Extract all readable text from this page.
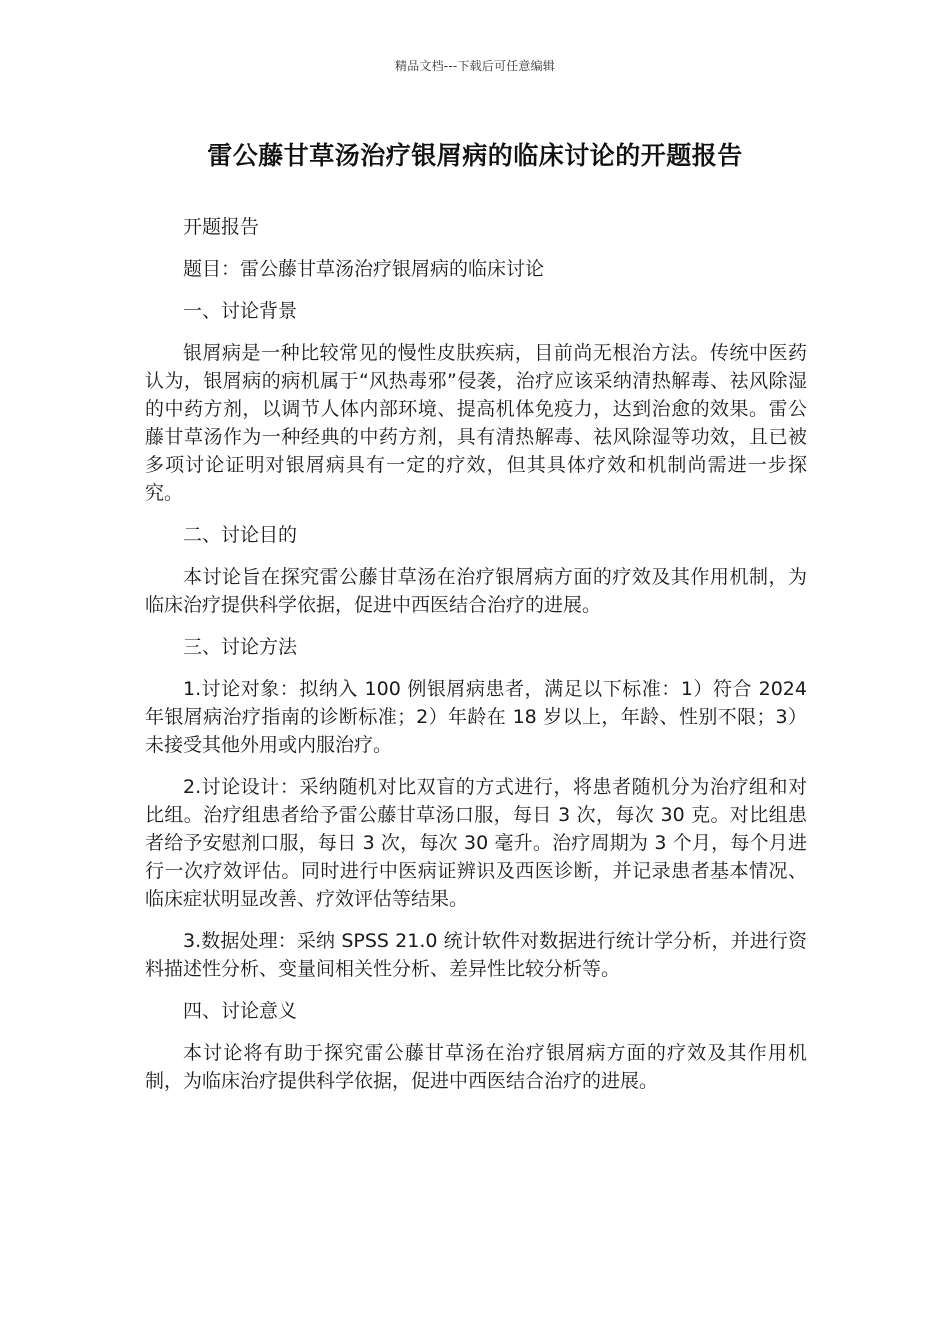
精品文档---下载后可任意编辑
雷公藤甘草汤治疗银屑病的临床讨论的开题报告
开题报告
题目：雷公藤甘草汤治疗银屑病的临床讨论
一、讨论背景
银屑病是一种比较常见的慢性皮肤疾病，目前尚无根治方法。传统中医药认为，银屑病的病机属于“风热毒邪”侵袭，治疗应该采纳清热解毒、祛风除湿的中药方剂，以调节人体内部环境、提高机体免疫力，达到治愈的效果。雷公藤甘草汤作为一种经典的中药方剂，具有清热解毒、祛风除湿等功效，且已被多项讨论证明对银屑病具有一定的疗效，但其具体疗效和机制尚需进一步探究。
二、讨论目的
本讨论旨在探究雷公藤甘草汤在治疗银屑病方面的疗效及其作用机制，为临床治疗提供科学依据，促进中西医结合治疗的进展。
三、讨论方法
1.讨论对象：拟纳入 100 例银屑病患者，满足以下标准：1）符合 2024 年银屑病治疗指南的诊断标准；2）年龄在 18 岁以上，年龄、性别不限；3）未接受其他外用或内服治疗。
2.讨论设计：采纳随机对比双盲的方式进行，将患者随机分为治疗组和对比组。治疗组患者给予雷公藤甘草汤口服，每日 3 次，每次 30 克。对比组患者给予安慰剂口服，每日 3 次，每次 30 毫升。治疗周期为 3 个月，每个月进行一次疗效评估。同时进行中医病证辨识及西医诊断，并记录患者基本情况、临床症状明显改善、疗效评估等结果。
3.数据处理：采纳 SPSS 21.0 统计软件对数据进行统计学分析，并进行资料描述性分析、变量间相关性分析、差异性比较分析等。
四、讨论意义
本讨论将有助于探究雷公藤甘草汤在治疗银屑病方面的疗效及其作用机制，为临床治疗提供科学依据，促进中西医结合治疗的进展。
